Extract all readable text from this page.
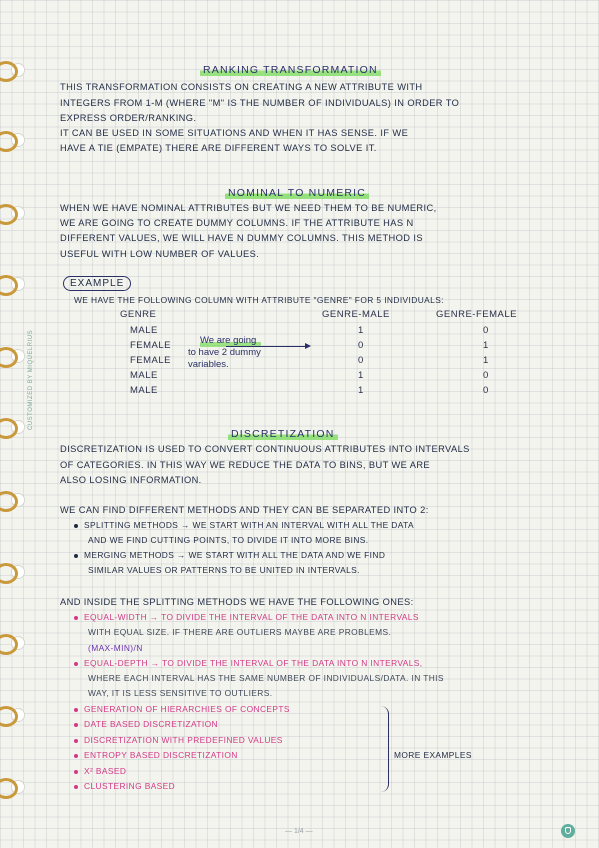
CUSTOMIZED BY MIQUELRIUS
RANKING TRANSFORMATION
THIS TRANSFORMATION CONSISTS ON CREATING A NEW ATTRIBUTE WITH
INTEGERS FROM 1-M (WHERE "M" IS THE NUMBER OF INDIVIDUALS) IN ORDER TO
EXPRESS ORDER/RANKING.
IT CAN BE USED IN SOME SITUATIONS AND WHEN IT HAS SENSE. IF WE
HAVE A TIE (EMPATE) THERE ARE DIFFERENT WAYS TO SOLVE IT.
NOMINAL TO NUMERIC
WHEN WE HAVE NOMINAL ATTRIBUTES BUT WE NEED THEM TO BE NUMERIC,
WE ARE GOING TO CREATE DUMMY COLUMNS. IF THE ATTRIBUTE HAS N
DIFFERENT VALUES, WE WILL HAVE N DUMMY COLUMNS. THIS METHOD IS
USEFUL WITH LOW NUMBER OF VALUES.
EXAMPLE
WE HAVE THE FOLLOWING COLUMN WITH ATTRIBUTE "GENRE" FOR 5 INDIVIDUALS:
GENRE	GENRE-MALE	GENRE-FEMALE
MALE	1	0
FEMALE	0	1
FEMALE	0	1
MALE	1	0
MALE	1	0
We are going
to have 2 dummy
variables.
DISCRETIZATION
DISCRETIZATION IS USED TO CONVERT CONTINUOUS ATTRIBUTES INTO INTERVALS
OF CATEGORIES. IN THIS WAY WE REDUCE THE DATA TO BINS, BUT WE ARE
ALSO LOSING INFORMATION.
WE CAN FIND DIFFERENT METHODS AND THEY CAN BE SEPARATED INTO 2:
SPLITTING METHODS → WE START WITH AN INTERVAL WITH ALL THE DATA
AND WE FIND CUTTING POINTS, TO DIVIDE IT INTO MORE BINS.
MERGING METHODS → WE START WITH ALL THE DATA AND WE FIND
SIMILAR VALUES OR PATTERNS TO BE UNITED IN INTERVALS.
AND INSIDE THE SPLITTING METHODS WE HAVE THE FOLLOWING ONES:
EQUAL-WIDTH → TO DIVIDE THE INTERVAL OF THE DATA INTO N INTERVALS
WITH EQUAL SIZE. IF THERE ARE OUTLIERS MAYBE ARE PROBLEMS.
(MAX-MIN)/N
EQUAL-DEPTH → TO DIVIDE THE INTERVAL OF THE DATA INTO N INTERVALS,
WHERE EACH INTERVAL HAS THE SAME NUMBER OF INDIVIDUALS/DATA. IN THIS
WAY, IT IS LESS SENSITIVE TO OUTLIERS.
GENERATION OF HIERARCHIES OF CONCEPTS
DATE BASED DISCRETIZATION
DISCRETIZATION WITH PREDEFINED VALUES
ENTROPY BASED DISCRETIZATION
Χ² BASED
CLUSTERING BASED
MORE EXAMPLES
— 1/4 —
